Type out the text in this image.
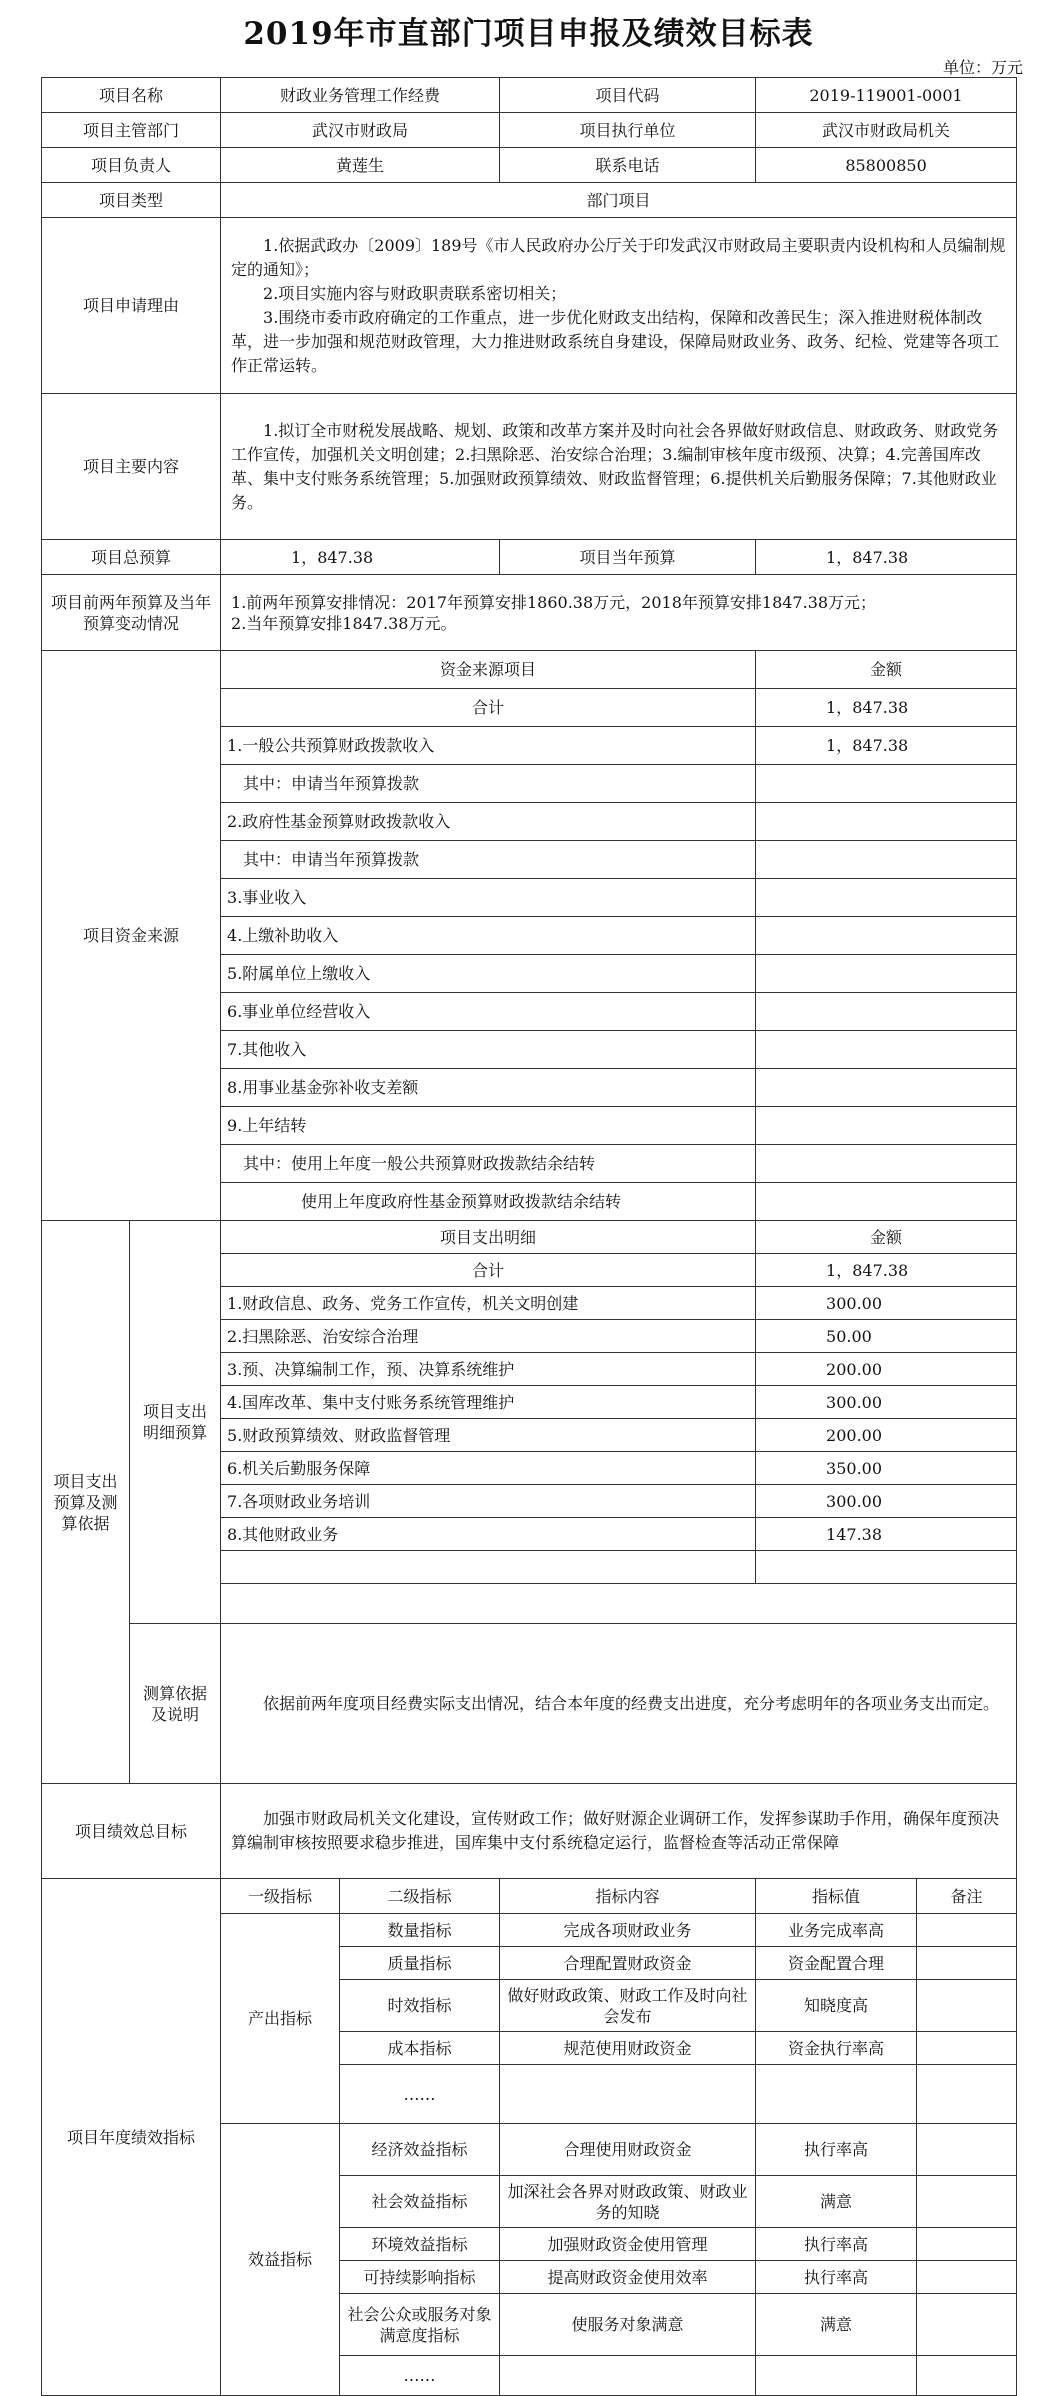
2019年市直部门项目申报及绩效目标表
单位：万元
项目名称		财政业务管理工作经费		项目代码	2019-119001-0001	
项目主管部门		武汉市财政局		项目执行单位	武汉市财政局机关	
项目负责人		黄莲生		联系电话	85800850	
项目类型		部门项目				
项目申请理由		1.依据武政办〔2009〕189号《市人民政府办公厅关于印发武汉市财政局主要职责内设机构和人员编制规定的通知》；

2.项目实施内容与财政职责联系密切相关；

3.围绕市委市政府确定的工作重点，进一步优化财政支出结构，保障和改善民生；深入推进财税体制改革，进一步加强和规范财政管理，大力推进财政系统自身建设，保障局财政业务、政务、纪检、党建等各项工作正常运转。				

项目主要内容		1.拟订全市财税发展战略、规划、政策和改革方案并及时向社会各界做好财政信息、财政政务、财政党务工作宣传，加强机关文明创建；2.扫黑除恶、治安综合治理；3.编制审核年度市级预、决算；4.完善国库改革、集中支付账务系统管理；5.加强财政预算绩效、财政监督管理；6.提供机关后勤服务保障；7.其他财政业务。				

项目总预算		1，847.38		项目当年预算	1，847.38	
项目前两年预算及当年预算变动情况		1.前两年预算安排情况：2017年预算安排1860.38万元，2018年预算安排1847.38万元；
2.当年预算安排1847.38万元。				

项目资金来源		资金来源项目			金额	
		合计			1，847.38	
		1.一般公共预算财政拨款收入			1，847.38	
		其中：申请当年预算拨款				
		2.政府性基金预算财政拨款收入				
		其中：申请当年预算拨款				
		3.事业收入				
		4.上缴补助收入				
		5.附属单位上缴收入				
		6.事业单位经营收入				
		7.其他收入				
		8.用事业基金弥补收支差额				
		9.上年结转				
		其中：使用上年度一般公共预算财政拨款结余结转				
		使用上年度政府性基金预算财政拨款结余结转				
项目支出预算及测算依据	项目支出明细预算	项目支出明细			金额	
		合计			1，847.38	
		1.财政信息、政务、党务工作宣传，机关文明创建			300.00	
		2.扫黑除恶、治安综合治理			50.00	
		3.预、决算编制工作，预、决算系统维护			200.00	
		4.国库改革、集中支付账务系统管理维护			300.00	
		5.财政预算绩效、财政监督管理			200.00	
		6.机关后勤服务保障			350.00	
		7.各项财政业务培训			300.00	
		8.其他财政业务			147.38	

	测算依据及说明	依据前两年度项目经费实际支出情况，结合本年度的经费支出进度，充分考虑明年的各项业务支出而定。				

项目绩效总目标		加强市财政局机关文化建设，宣传财政工作；做好财源企业调研工作，发挥参谋助手作用，确保年度预决算编制审核按照要求稳步推进，国库集中支付系统稳定运行，监督检查等活动正常保障				

项目年度绩效指标		一级指标	二级指标	指标内容	指标值	备注
		产出指标	数量指标	完成各项财政业务	业务完成率高	
			质量指标	合理配置财政资金	资金配置合理	
			时效指标	做好财政政策、财政工作及时向社会发布	知晓度高	
			成本指标	规范使用财政资金	资金执行率高	
			……			
		效益指标	经济效益指标	合理使用财政资金	执行率高	
			社会效益指标	加深社会各界对财政政策、财政业务的知晓	满意	
			环境效益指标	加强财政资金使用管理	执行率高	
			可持续影响指标	提高财政资金使用效率	执行率高	
			社会公众或服务对象满意度指标	使服务对象满意	满意	
			……			
